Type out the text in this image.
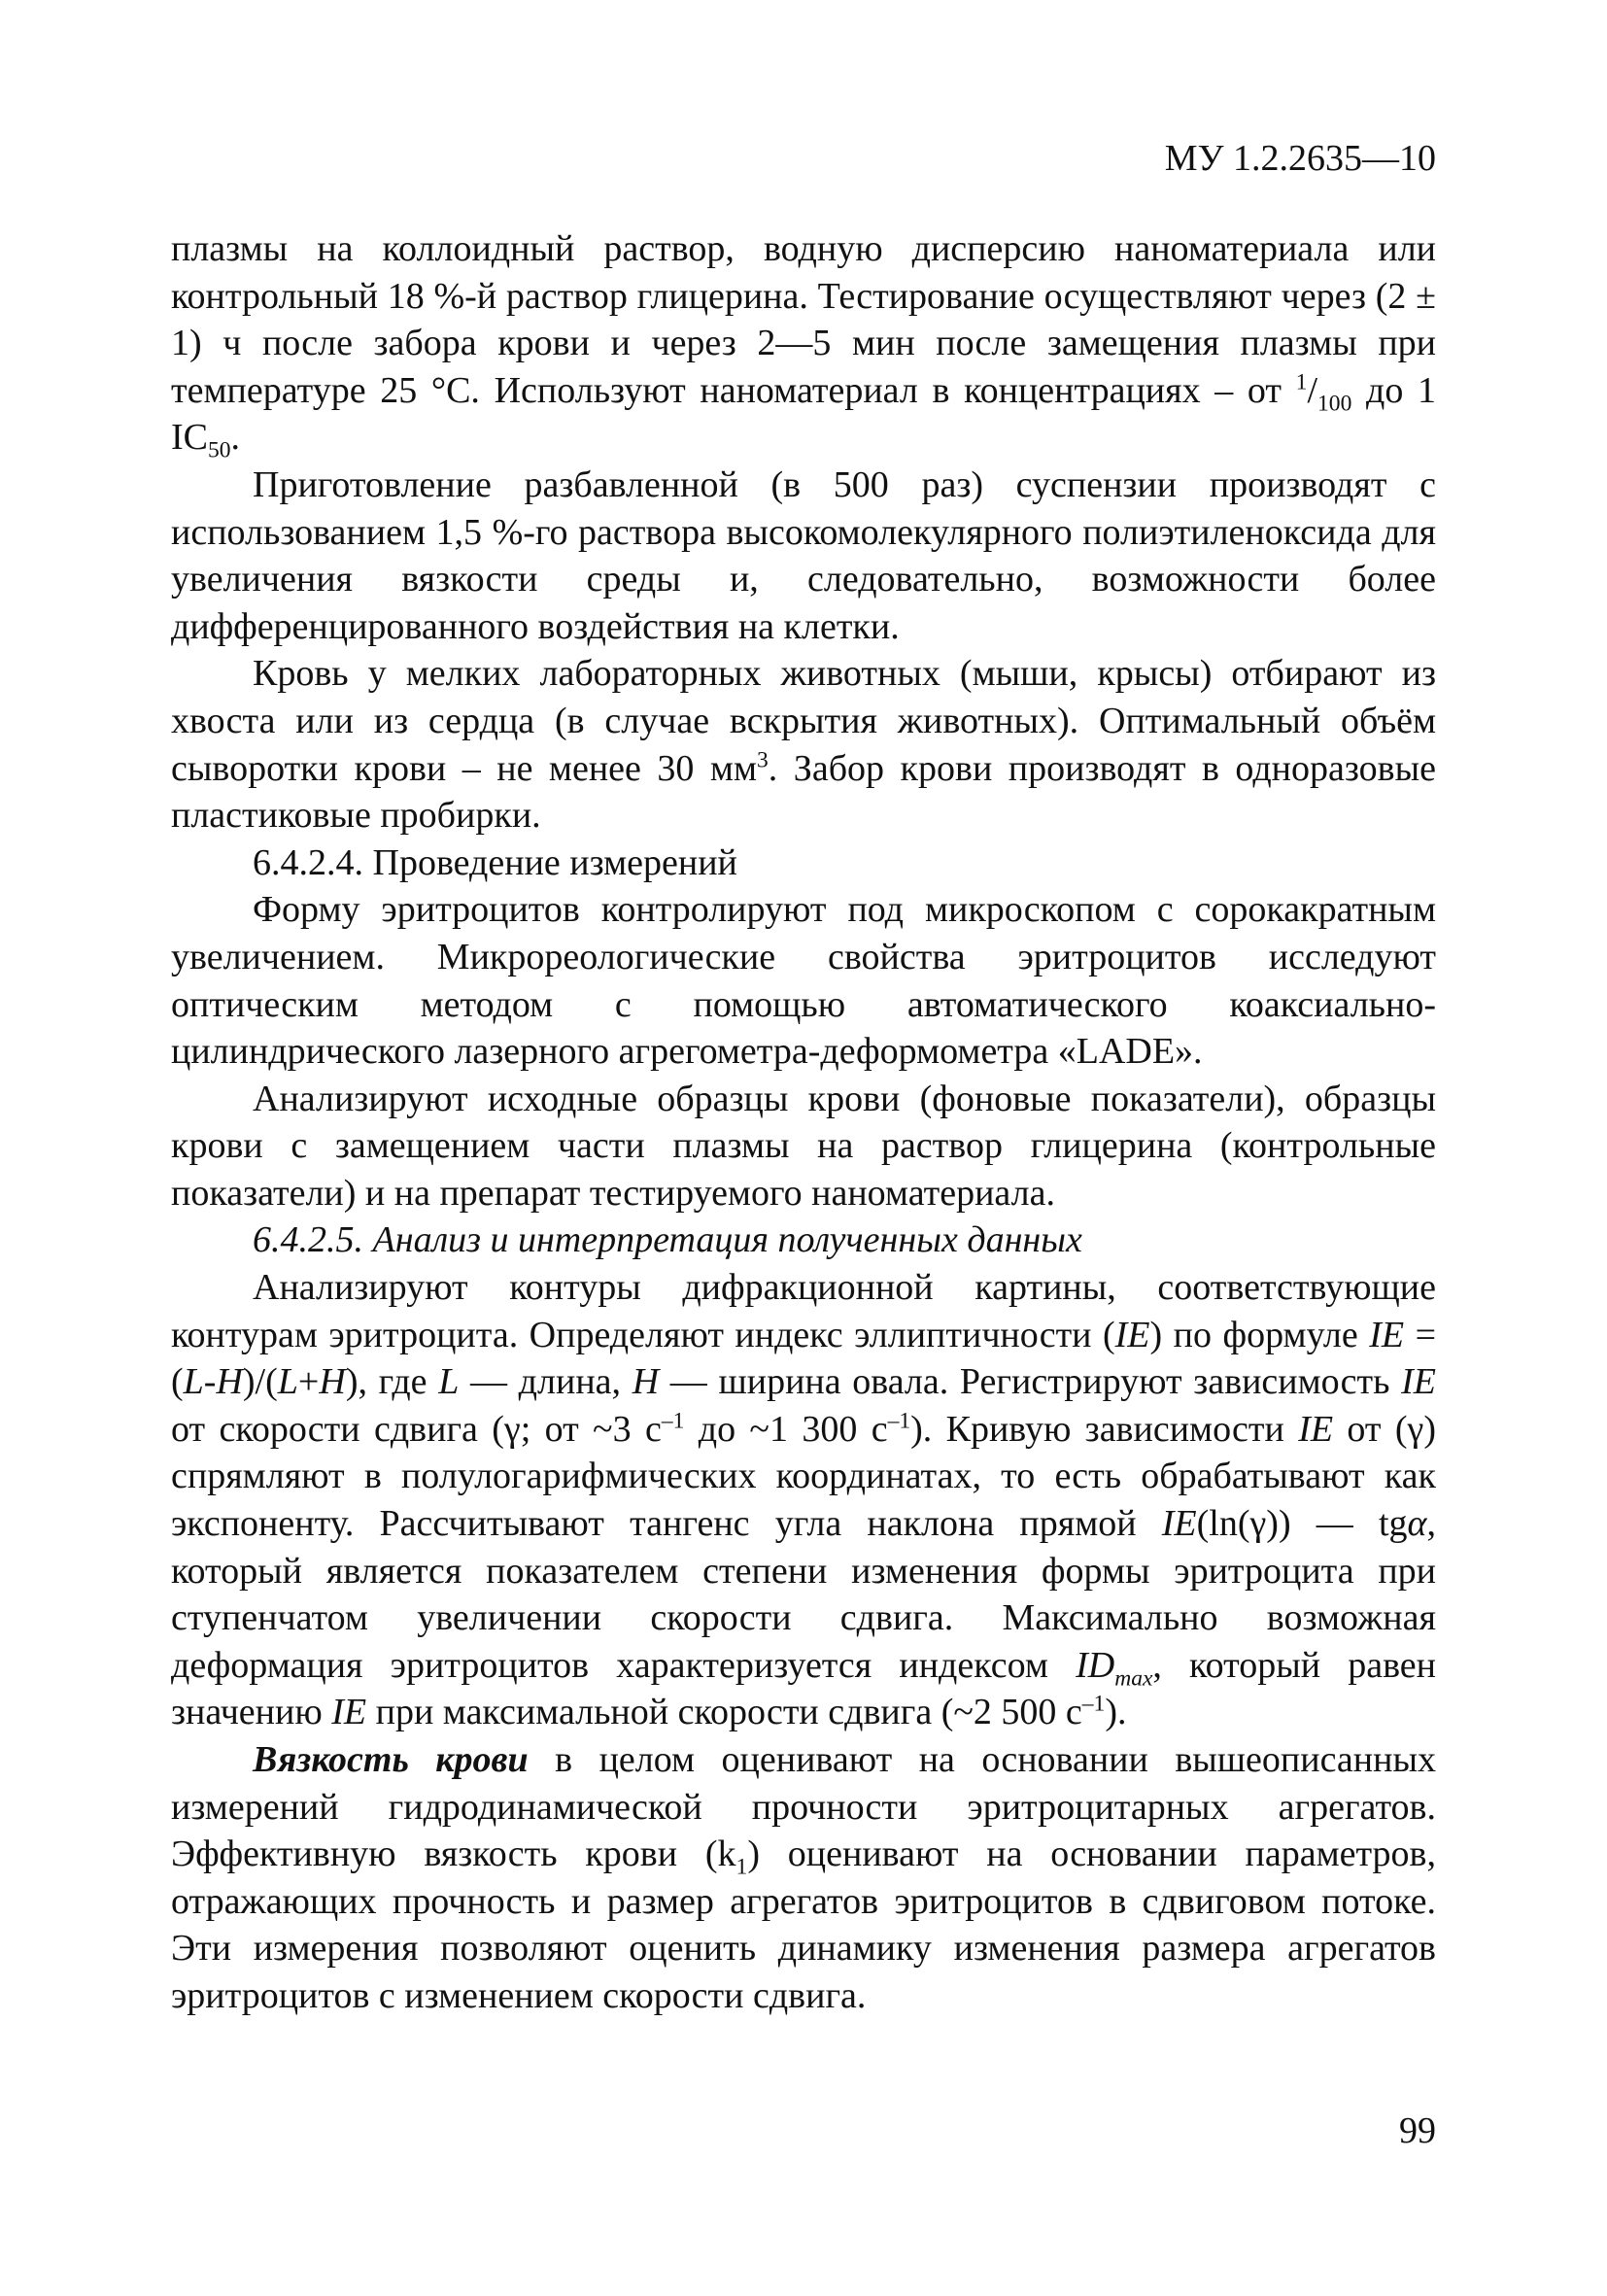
МУ 1.2.2635—10

плазмы на коллоидный раствор, водную дисперсию наноматериала или контрольный 18 %-й раствор глицерина. Тестирование осуществляют через (2 ± 1) ч после забора крови и через 2—5 мин после замещения плазмы при температуре 25 °С. Используют наноматериал в концентрациях – от $^1/_{100}$ до 1 $IC_{50}$.

Приготовление разбавленной (в 500 раз) суспензии производят с использованием 1,5 %-го раствора высокомолекулярного полиэтиленоксида для увеличения вязкости среды и, следовательно, возможности более дифференцированного воздействия на клетки.

Кровь у мелких лабораторных животных (мыши, крысы) отбирают из хвоста или из сердца (в случае вскрытия животных). Оптимальный объём сыворотки крови – не менее 30 $мм^3$. Забор крови производят в одноразовые пластиковые пробирки.

6.4.2.4. Проведение измерений

Форму эритроцитов контролируют под микроскопом с сорокакратным увеличением. Микрореологические свойства эритроцитов исследуют оптическим методом с помощью автоматического коаксиально-цилиндрического лазерного агрегометра-деформометра «LADE».

Анализируют исходные образцы крови (фоновые показатели), образцы крови с замещением части плазмы на раствор глицерина (контрольные показатели) и на препарат тестируемого наноматериала.

6.4.2.5. Анализ и интерпретация полученных данных

Анализируют контуры дифракционной картины, соответствующие контурам эритроцита. Определяют индекс эллиптичности (IE) по формуле IE = (L-H)/(L+H), где L — длина, H — ширина овала. Регистрируют зависимость IE от скорости сдвига (γ; от ~3 $с^{-1}$ до ~1 300 $с^{-1}$). Кривую зависимости IE от (γ) спрямляют в полулогарифмических координатах, то есть обрабатывают как экспоненту. Рассчитывают тангенс угла наклона прямой IE(ln(γ)) — tgα, который является показателем степени изменения формы эритроцита при ступенчатом увеличении скорости сдвига. Максимально возможная деформация эритроцитов характеризуется индексом $ID_{max}$, который равен значению IE при максимальной скорости сдвига (~2 500 $с^{-1}$).

Вязкость крови в целом оценивают на основании вышеописанных измерений гидродинамической прочности эритроцитарных агрегатов. Эффективную вязкость крови $(k_1)$ оценивают на основании параметров, отражающих прочность и размер агрегатов эритроцитов в сдвиговом потоке. Эти измерения позволяют оценить динамику изменения размера агрегатов эритроцитов с изменением скорости сдвига.

99
